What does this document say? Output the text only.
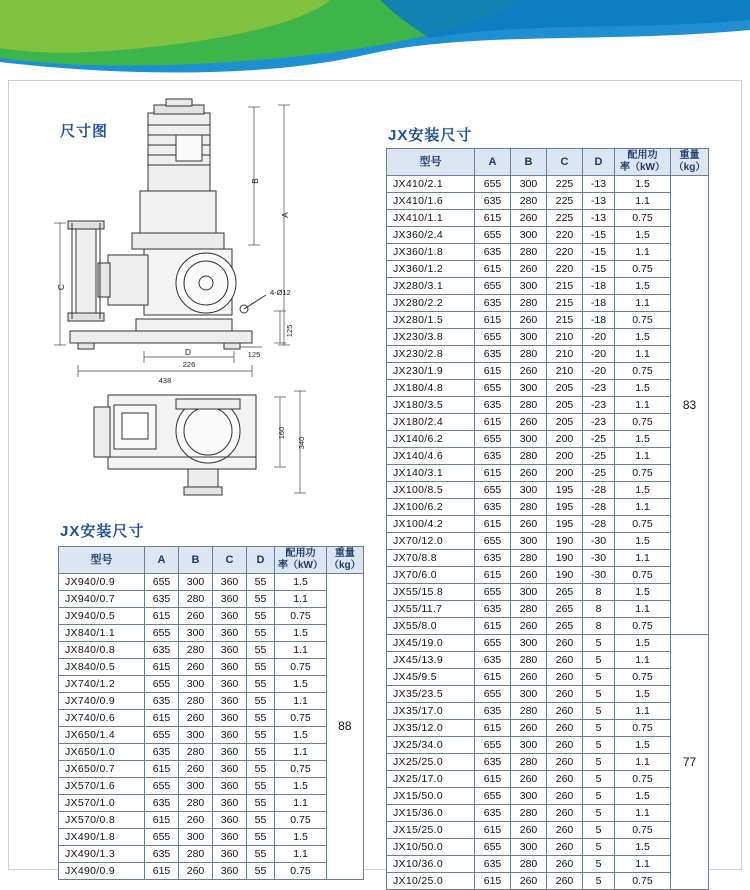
尺寸图	JX安装尺寸
JX安装尺寸
A
B
C
D
4-Ø12
125
226
125
438
160
340
型号	A	B	C	D	配用功
率（kW）	重量
（kg）
JX410/2.1	655	300	225	-13	1.5	83
JX410/1.6	635	280	225	-13	1.1	
JX410/1.1	615	260	225	-13	0.75	
JX360/2.4	655	300	220	-15	1.5	
JX360/1.8	635	280	220	-15	1.1	
JX360/1.2	615	260	220	-15	0.75	
JX280/3.1	655	300	215	-18	1.5	
JX280/2.2	635	280	215	-18	1.1	
JX280/1.5	615	260	215	-18	0.75	
JX230/3.8	655	300	210	-20	1.5	
JX230/2.8	635	280	210	-20	1.1	
JX230/1.9	615	260	210	-20	0.75	
JX180/4.8	655	300	205	-23	1.5	
JX180/3.5	635	280	205	-23	1.1	
JX180/2.4	615	260	205	-23	0.75	
JX140/6.2	655	300	200	-25	1.5	
JX140/4.6	635	280	200	-25	1.1	
JX140/3.1	615	260	200	-25	0.75	
JX100/8.5	655	300	195	-28	1.5	
JX100/6.2	635	280	195	-28	1.1	
JX100/4.2	615	260	195	-28	0.75	
JX70/12.0	655	300	190	-30	1.5	
JX70/8.8	635	280	190	-30	1.1	
JX70/6.0	615	260	190	-30	0.75	
JX55/15.8	655	300	265	8	1.5	
JX55/11.7	635	280	265	8	1.1	
JX55/8.0	615	260	265	8	0.75	
JX45/19.0	655	300	260	5	1.5	77
JX45/13.9	635	280	260	5	1.1	
JX45/9.5	615	260	260	5	0.75	
JX35/23.5	655	300	260	5	1.5	
JX35/17.0	635	280	260	5	1.1	
JX35/12.0	615	260	260	5	0.75	
JX25/34.0	655	300	260	5	1.5	
JX25/25.0	635	280	260	5	1.1	
JX25/17.0	615	260	260	5	0.75	
JX15/50.0	655	300	260	5	1.5	
JX15/36.0	635	280	260	5	1.1	
JX15/25.0	615	260	260	5	0.75	
JX10/50.0	655	300	260	5	1.5	
JX10/36.0	635	280	260	5	1.1	
JX10/25.0	615	260	260	5	0.75	
型号	A	B	C	D	配用功
率（kW）	重量
（kg）
JX940/0.9	655	300	360	55	1.5	88
JX940/0.7	635	280	360	55	1.1	
JX940/0.5	615	260	360	55	0.75	
JX840/1.1	655	300	360	55	1.5	
JX840/0.8	635	280	360	55	1.1	
JX840/0.5	615	260	360	55	0.75	
JX740/1.2	655	300	360	55	1.5	
JX740/0.9	635	280	360	55	1.1	
JX740/0.6	615	260	360	55	0.75	
JX650/1.4	655	300	360	55	1.5	
JX650/1.0	635	280	360	55	1.1	
JX650/0.7	615	260	360	55	0.75	
JX570/1.6	655	300	360	55	1.5	
JX570/1.0	635	280	360	55	1.1	
JX570/0.8	615	260	360	55	0.75	
JX490/1.8	655	300	360	55	1.5	
JX490/1.3	635	280	360	55	1.1	
JX490/0.9	615	260	360	55	0.75	
